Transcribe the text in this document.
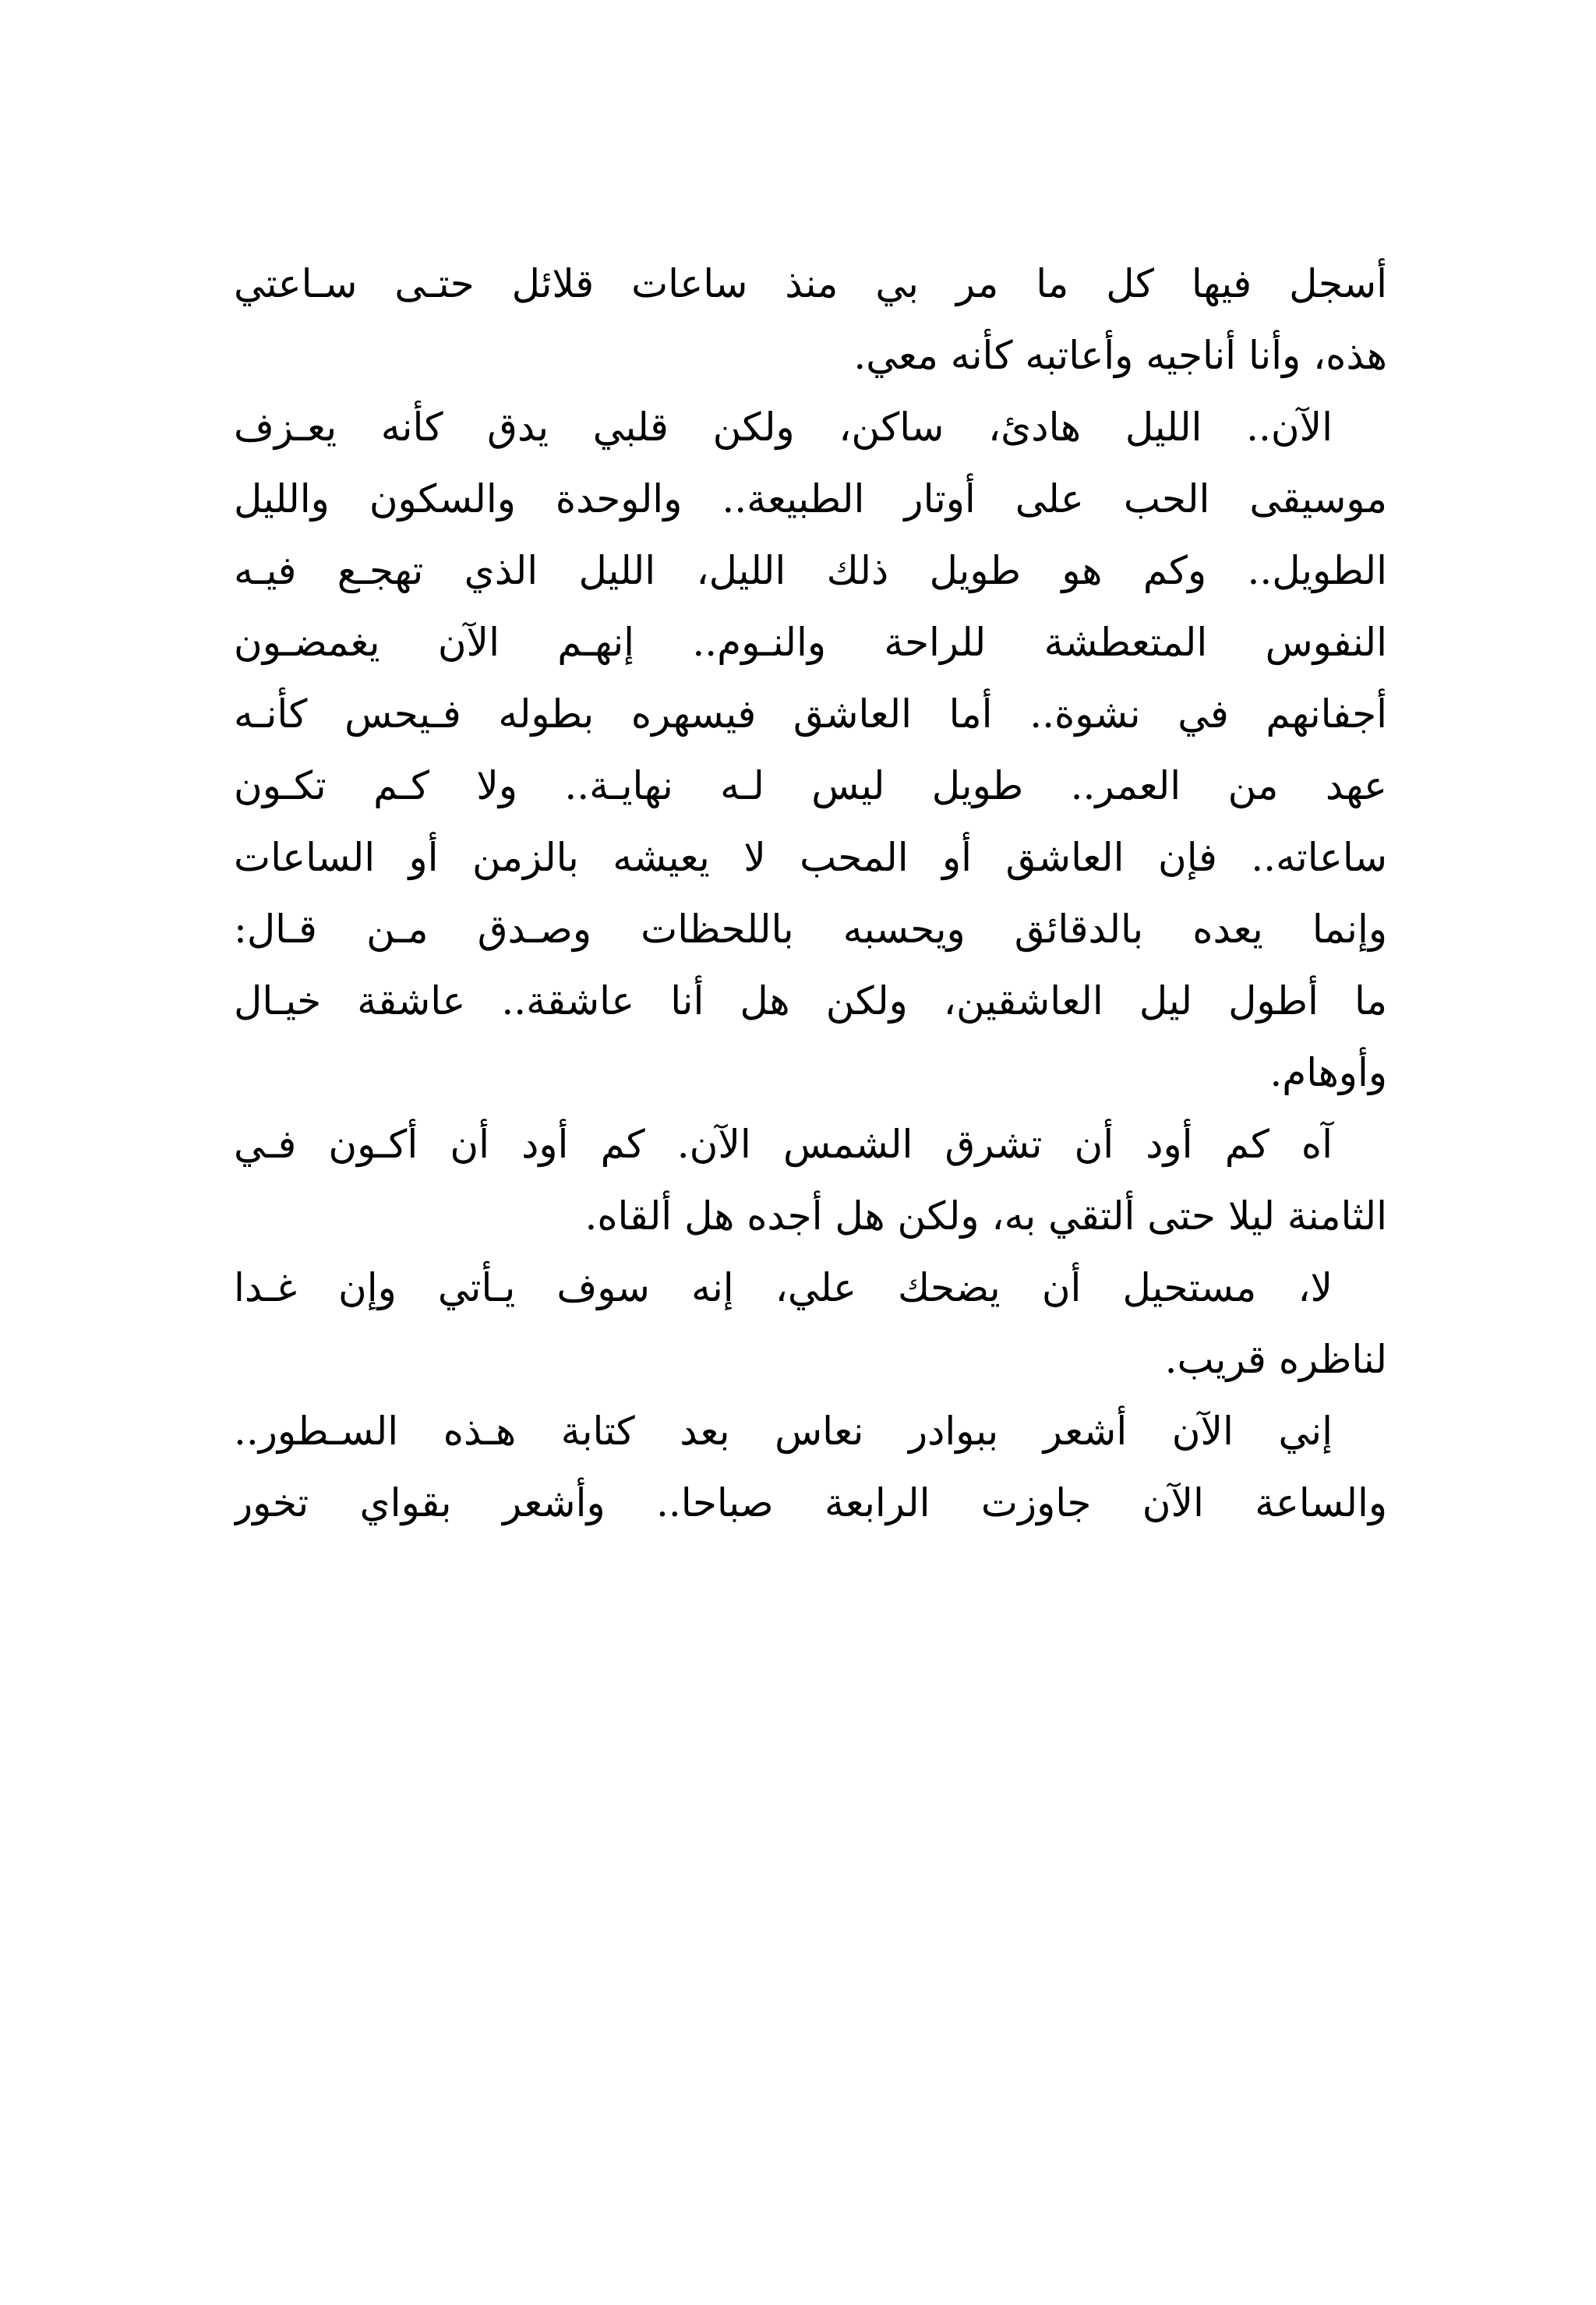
أسجل فيها كل ما مر بي منذ ساعات قلائل حتـى سـاعتي
هذه، وأنا أناجيه وأعاتبه كأنه معي.
الآن.. الليل هادئ، ساكن، ولكن قلبي يدق كأنه يعـزف
موسيقى الحب على أوتار الطبيعة.. والوحدة والسكون والليل
الطويل.. وكم هو طويل ذلك الليل، الليل الذي تهجـع فيـه
النفوس المتعطشة للراحة والنـوم.. إنهـم الآن يغمضـون
أجفانهم في نشوة.. أما العاشق فيسهره بطوله فـيحس كأنـه
عهد من العمر.. طويل ليس لـه نهايـة.. ولا كـم تكـون
ساعاته.. فإن العاشق أو المحب لا يعيشه بالزمن أو الساعات
وإنما يعده بالدقائق ويحسبه باللحظات وصـدق مـن قـال:
ما أطول ليل العاشقين، ولكن هل أنا عاشقة.. عاشقة خيـال
وأوهام.
آه كم أود أن تشرق الشمس الآن. كم أود أن أكـون فـي
الثامنة ليلا حتى ألتقي به، ولكن هل أجده هل ألقاه.
لا، مستحيل أن يضحك علي، إنه سوف يـأتي وإن غـدا
لناظره قريب.
إني الآن أشعر ببوادر نعاس بعد كتابة هـذه السـطور..
والساعة الآن جاوزت الرابعة صباحا.. وأشعر بقواي تخور
